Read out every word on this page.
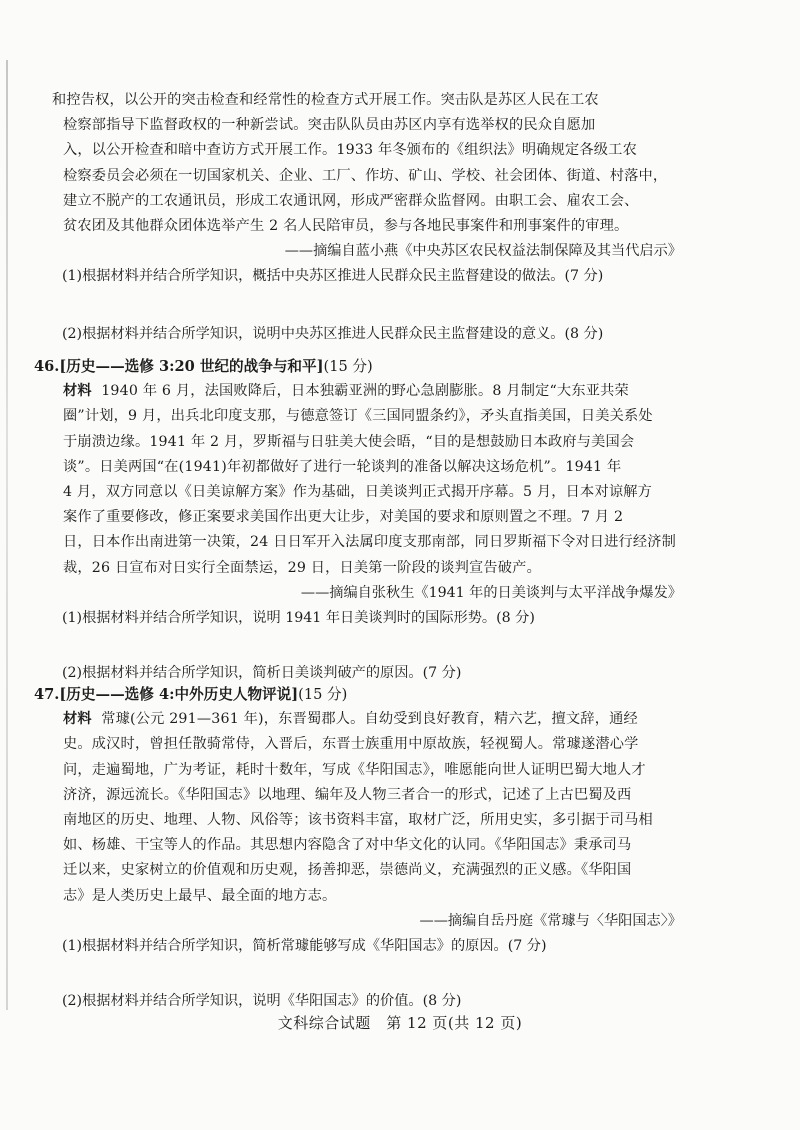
和控告权，以公开的突击检查和经常性的检查方式开展工作。突击队是苏区人民在工农

检察部指导下监督政权的一种新尝试。突击队队员由苏区内享有选举权的民众自愿加

入，以公开检查和暗中查访方式开展工作。1933 年冬颁布的《组织法》明确规定各级工农

检察委员会必须在一切国家机关、企业、工厂、作坊、矿山、学校、社会团体、街道、村落中，

建立不脱产的工农通讯员，形成工农通讯网，形成严密群众监督网。由职工会、雇农工会、

贫农团及其他群众团体选举产生 2 名人民陪审员，参与各地民事案件和刑事案件的审理。

——摘编自蓝小燕《中央苏区农民权益法制保障及其当代启示》

(1)根据材料并结合所学知识，概括中央苏区推进人民群众民主监督建设的做法。(7 分)

(2)根据材料并结合所学知识，说明中央苏区推进人民群众民主监督建设的意义。(8 分)

46.[历史——选修 3:20 世纪的战争与和平](15 分)

材料 1940 年 6 月，法国败降后，日本独霸亚洲的野心急剧膨胀。8 月制定“大东亚共荣

圈”计划，9 月，出兵北印度支那，与德意签订《三国同盟条约》，矛头直指美国，日美关系处

于崩溃边缘。1941 年 2 月，罗斯福与日驻美大使会晤，“目的是想鼓励日本政府与美国会

谈”。日美两国“在(1941)年初都做好了进行一轮谈判的准备以解决这场危机”。1941 年

4 月，双方同意以《日美谅解方案》作为基础，日美谈判正式揭开序幕。5 月，日本对谅解方

案作了重要修改，修正案要求美国作出更大让步，对美国的要求和原则置之不理。7 月 2

日，日本作出南进第一决策，24 日日军开入法属印度支那南部，同日罗斯福下令对日进行经济制

裁，26 日宣布对日实行全面禁运，29 日，日美第一阶段的谈判宣告破产。

——摘编自张秋生《1941 年的日美谈判与太平洋战争爆发》

(1)根据材料并结合所学知识，说明 1941 年日美谈判时的国际形势。(8 分)

(2)根据材料并结合所学知识，简析日美谈判破产的原因。(7 分)

47.[历史——选修 4:中外历史人物评说](15 分)

材料 常璩(公元 291—361 年)，东晋蜀郡人。自幼受到良好教育，精六艺，擅文辞，通经

史。成汉时，曾担任散骑常侍，入晋后，东晋士族重用中原故族，轻视蜀人。常璩遂潜心学

问，走遍蜀地，广为考证，耗时十数年，写成《华阳国志》，唯愿能向世人证明巴蜀大地人才

济济，源远流长。《华阳国志》以地理、编年及人物三者合一的形式，记述了上古巴蜀及西

南地区的历史、地理、人物、风俗等；该书资料丰富，取材广泛，所用史实，多引据于司马相

如、杨雄、干宝等人的作品。其思想内容隐含了对中华文化的认同。《华阳国志》秉承司马

迁以来，史家树立的价值观和历史观，扬善抑恶，崇德尚义，充满强烈的正义感。《华阳国

志》是人类历史上最早、最全面的地方志。

——摘编自岳丹庭《常璩与〈华阳国志〉》

(1)根据材料并结合所学知识，简析常璩能够写成《华阳国志》的原因。(7 分)

(2)根据材料并结合所学知识，说明《华阳国志》的价值。(8 分)

文科综合试题　第 12 页(共 12 页)
